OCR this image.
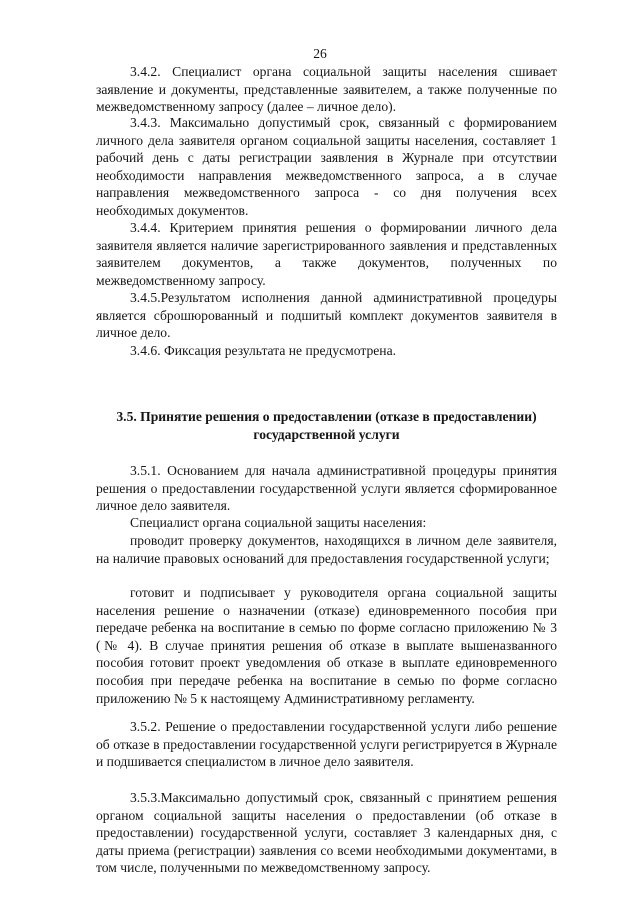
26

3.4.2. Специалист органа социальной защиты населения сшивает заявление и документы, представленные заявителем, а также полученные по межведомственному запросу (далее – личное дело).

3.4.3. Максимально допустимый срок, связанный с формированием личного дела заявителя органом социальной защиты населения, составляет 1 рабочий день с даты регистрации заявления в Журнале при отсутствии необходимости направления межведомственного запроса, а в случае направления межведомственного запроса - со дня получения всех необходимых документов.

3.4.4. Критерием принятия решения о формировании личного дела заявителя является наличие зарегистрированного заявления и представленных заявителем документов, а также документов, полученных по межведомственному запросу.

3.4.5.Результатом исполнения данной административной процедуры является сброшюрованный и подшитый комплект документов заявителя в личное дело.

3.4.6. Фиксация результата не предусмотрена.

3.5. Принятие решения о предоставлении (отказе в предоставлении)
государственной услуги

3.5.1. Основанием для начала административной процедуры принятия решения о предоставлении государственной услуги является сформированное личное дело заявителя.

Специалист органа социальной защиты населения:

проводит проверку документов, находящихся в личном деле заявителя, на наличие правовых оснований для предоставления государственной услуги;

готовит и подписывает у руководителя органа социальной защиты населения решение о назначении (отказе) единовременного пособия при передаче ребенка на воспитание в семью по форме согласно приложению № 3 (№ 4). В случае принятия решения об отказе в выплате вышеназванного пособия готовит проект уведомления об отказе в выплате единовременного пособия при передаче ребенка на воспитание в семью по форме согласно приложению № 5 к настоящему Административному регламенту.

3.5.2. Решение о предоставлении государственной услуги либо решение об отказе в предоставлении государственной услуги регистрируется в Журнале и подшивается специалистом в личное дело заявителя.

3.5.3.Максимально допустимый срок, связанный с принятием решения органом социальной защиты населения о предоставлении (об отказе в предоставлении) государственной услуги, составляет 3 календарных дня, с даты приема (регистрации) заявления со всеми необходимыми документами, в том числе, полученными по межведомственному запросу.
